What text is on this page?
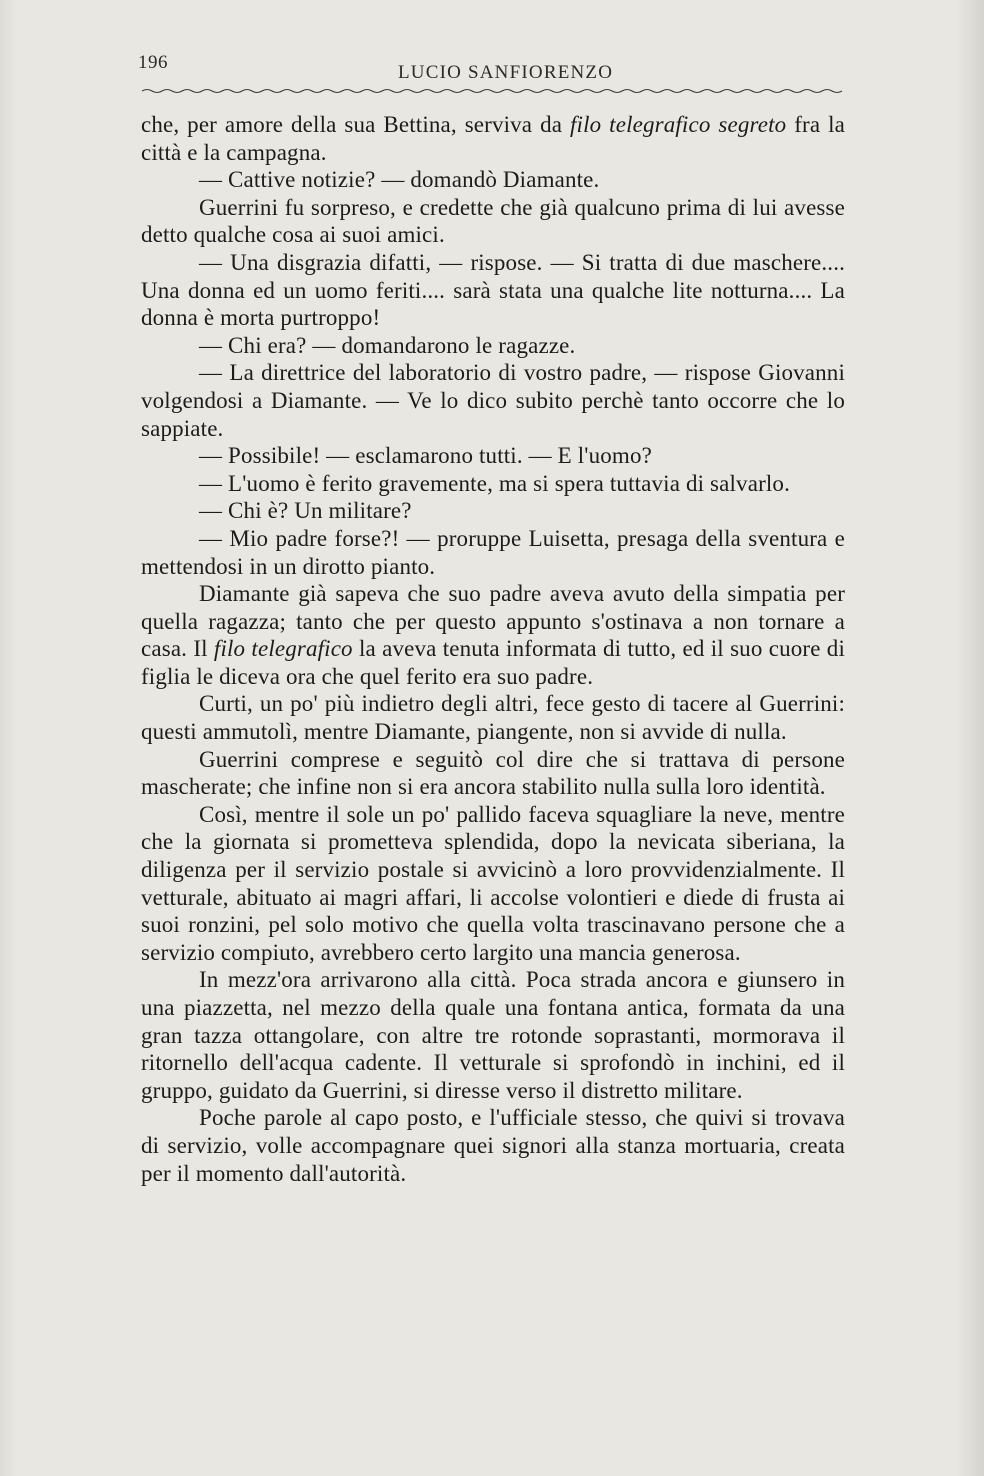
196	LUCIO SANFIORENZO

che, per amore della sua Bettina, serviva da filo telegrafico segreto fra la città e la campagna.

— Cattive notizie? — domandò Diamante.

Guerrini fu sorpreso, e credette che già qualcuno prima di lui avesse detto qualche cosa ai suoi amici.

— Una disgrazia difatti, — rispose. — Si tratta di due maschere.... Una donna ed un uomo feriti.... sarà stata una qualche lite notturna.... La donna è morta purtroppo!

— Chi era? — domandarono le ragazze.

— La direttrice del laboratorio di vostro padre, — rispose Giovanni volgendosi a Diamante. — Ve lo dico subito perchè tanto occorre che lo sappiate.

— Possibile! — esclamarono tutti. — E l'uomo?

— L'uomo è ferito gravemente, ma si spera tuttavia di salvarlo.

— Chi è? Un militare?

— Mio padre forse?! — proruppe Luisetta, presaga della sventura e mettendosi in un dirotto pianto.

Diamante già sapeva che suo padre aveva avuto della simpatia per quella ragazza; tanto che per questo appunto s'ostinava a non tornare a casa. Il filo telegrafico la aveva tenuta informata di tutto, ed il suo cuore di figlia le diceva ora che quel ferito era suo padre.

Curti, un po' più indietro degli altri, fece gesto di tacere al Guerrini: questi ammutolì, mentre Diamante, piangente, non si avvide di nulla.

Guerrini comprese e seguitò col dire che si trattava di persone mascherate; che infine non si era ancora stabilito nulla sulla loro identità.

Così, mentre il sole un po' pallido faceva squagliare la neve, mentre che la giornata si prometteva splendida, dopo la nevicata siberiana, la diligenza per il servizio postale si avvicinò a loro provvidenzialmente. Il vetturale, abituato ai magri affari, li accolse volontieri e diede di frusta ai suoi ronzini, pel solo motivo che quella volta trascinavano persone che a servizio compiuto, avrebbero certo largito una mancia generosa.

In mezz'ora arrivarono alla città. Poca strada ancora e giunsero in una piazzetta, nel mezzo della quale una fontana antica, formata da una gran tazza ottangolare, con altre tre rotonde soprastanti, mormorava il ritornello dell'acqua cadente. Il vetturale si sprofondò in inchini, ed il gruppo, guidato da Guerrini, si diresse verso il distretto militare.

Poche parole al capo posto, e l'ufficiale stesso, che quivi si trovava di servizio, volle accompagnare quei signori alla stanza mortuaria, creata per il momento dall'autorità.
